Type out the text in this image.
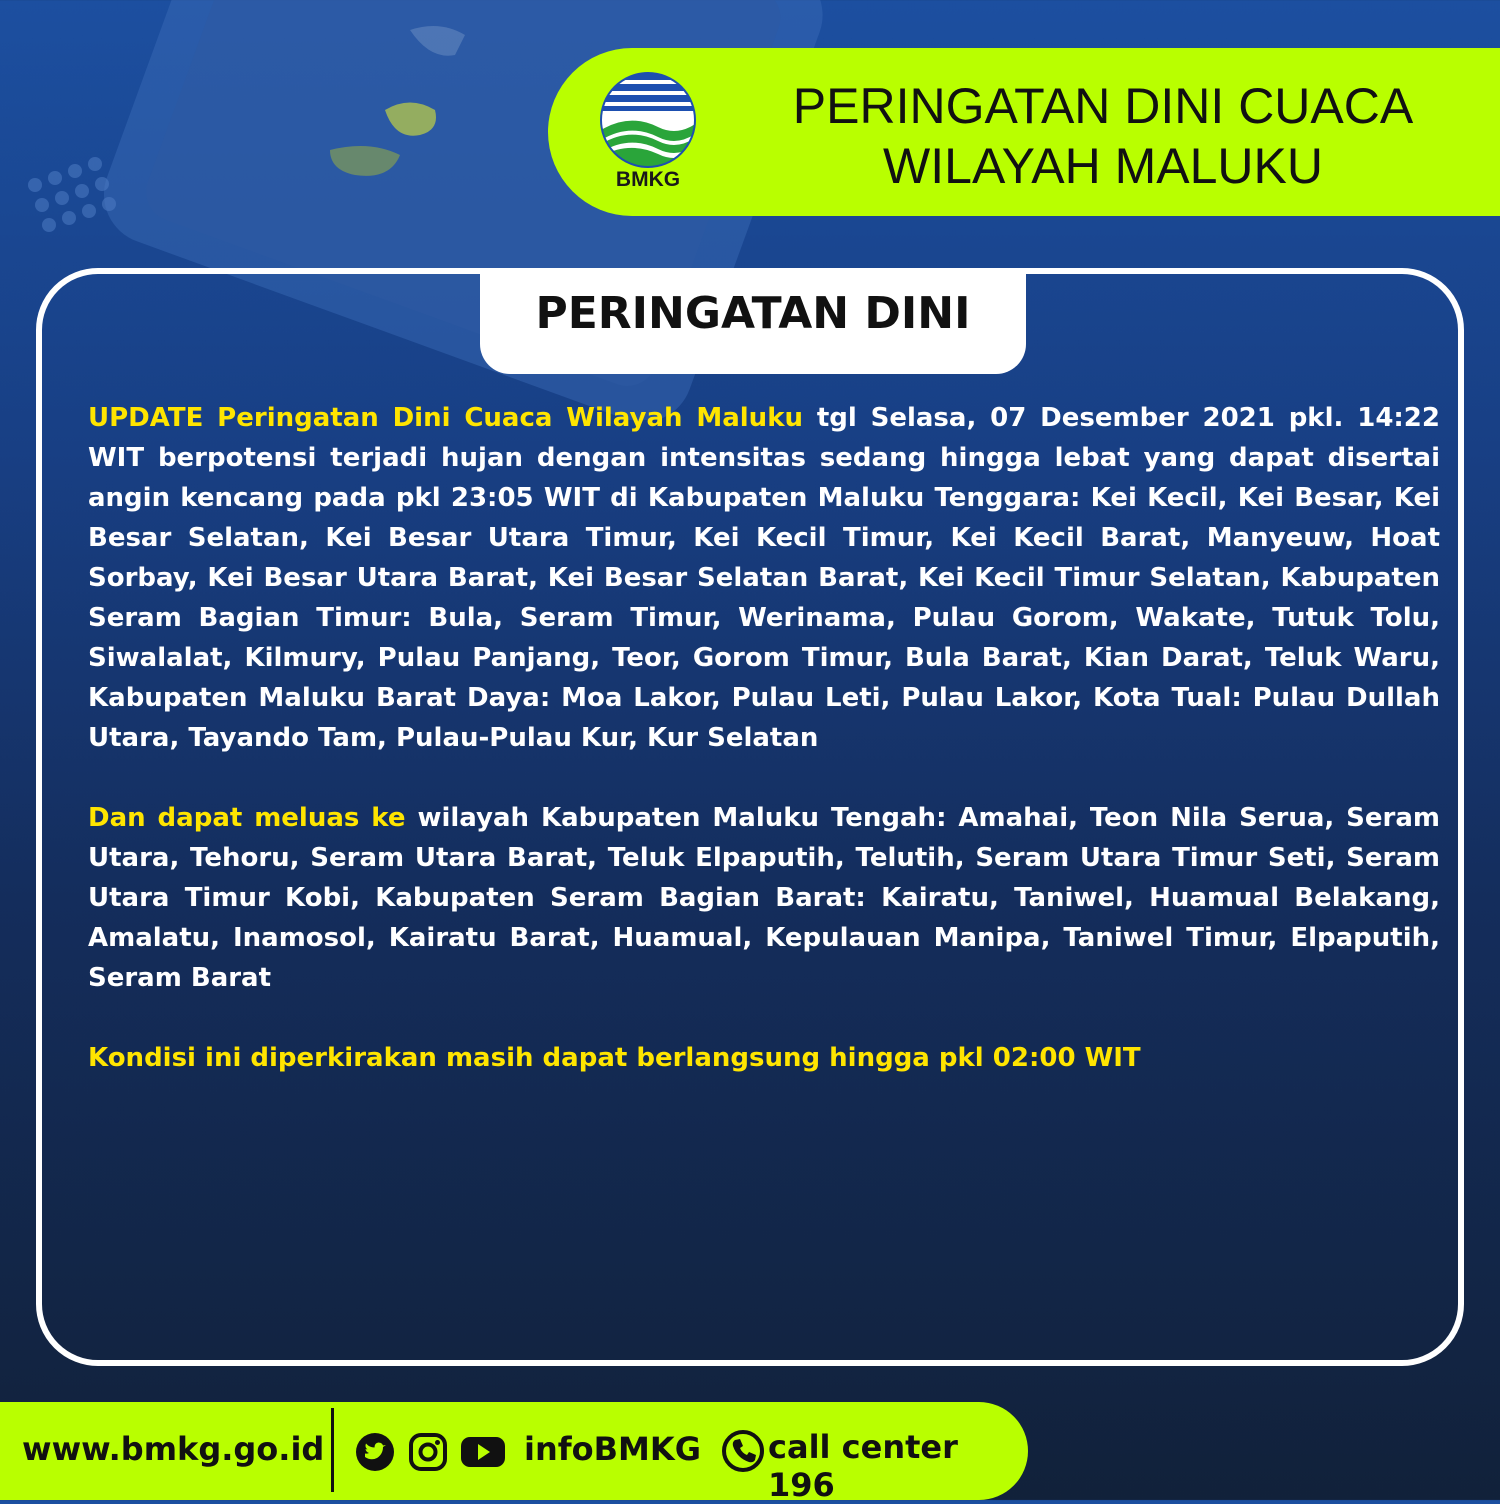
BMKG
PERINGATAN DINI CUACA
WILAYAH MALUKU
PERINGATAN DINI

UPDATE Peringatan Dini Cuaca Wilayah Maluku tgl Selasa, 07 Desember 2021 pkl. 14:22 WIT berpotensi terjadi hujan dengan intensitas sedang hingga lebat yang dapat disertai angin kencang pada pkl 23:05 WIT di Kabupaten Maluku Tenggara: Kei Kecil, Kei Besar, Kei Besar Selatan, Kei Besar Utara Timur, Kei Kecil Timur, Kei Kecil Barat, Manyeuw, Hoat Sorbay, Kei Besar Utara Barat, Kei Besar Selatan Barat, Kei Kecil Timur Selatan, Kabupaten Seram Bagian Timur: Bula, Seram Timur, Werinama, Pulau Gorom, Wakate, Tutuk Tolu, Siwalalat, Kilmury, Pulau Panjang, Teor, Gorom Timur, Bula Barat, Kian Darat, Teluk Waru, Kabupaten Maluku Barat Daya: Moa Lakor, Pulau Leti, Pulau Lakor, Kota Tual: Pulau Dullah Utara, Tayando Tam, Pulau-Pulau Kur, Kur Selatan

Dan dapat meluas ke wilayah Kabupaten Maluku Tengah: Amahai, Teon Nila Serua, Seram Utara, Tehoru, Seram Utara Barat, Teluk Elpaputih, Telutih, Seram Utara Timur Seti, Seram Utara Timur Kobi, Kabupaten Seram Bagian Barat: Kairatu, Taniwel, Huamual Belakang, Amalatu, Inamosol, Kairatu Barat, Huamual, Kepulauan Manipa, Taniwel Timur, Elpaputih, Seram Barat

Kondisi ini diperkirakan masih dapat berlangsung hingga pkl 02:00 WIT

www.bmkg.go.id	infoBMKG call center 196
